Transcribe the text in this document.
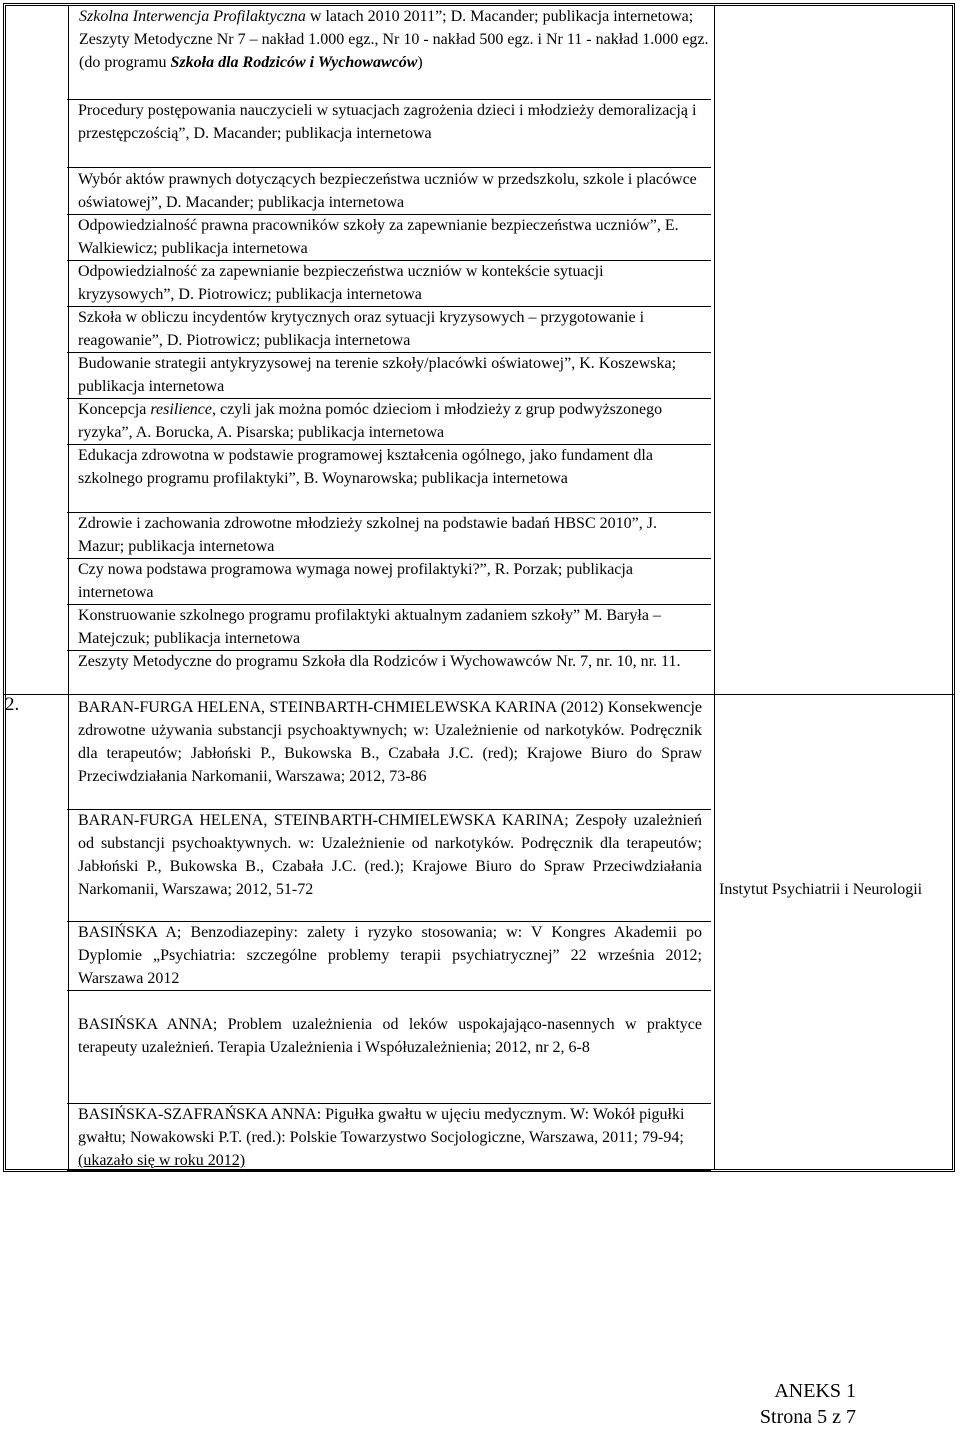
2.
Szkolna Interwencja Profilaktyczna w latach 2010 2011”; D. Macander; publikacja internetowa; Zeszyty Metodyczne Nr 7 – nakład 1.000 egz., Nr 10 - nakład 500 egz. i Nr 11 - nakład 1.000 egz. (do programu Szkoła dla Rodziców i Wychowawców)
Procedury postępowania nauczycieli w sytuacjach zagrożenia dzieci i młodzieży demoralizacją i przestępczością”, D. Macander; publikacja internetowa
Wybór aktów prawnych dotyczących bezpieczeństwa uczniów w przedszkolu, szkole i placówce oświatowej”, D. Macander; publikacja internetowa
Odpowiedzialność prawna pracowników szkoły za zapewnianie bezpieczeństwa uczniów”, E. Walkiewicz; publikacja internetowa
Odpowiedzialność za zapewnianie bezpieczeństwa uczniów w kontekście sytuacji kryzysowych”, D. Piotrowicz; publikacja internetowa
Szkoła w obliczu incydentów krytycznych oraz sytuacji kryzysowych – przygotowanie i reagowanie”, D. Piotrowicz; publikacja internetowa
Budowanie strategii antykryzysowej na terenie szkoły/placówki oświatowej”, K. Koszewska; publikacja internetowa
Koncepcja resilience, czyli jak można pomóc dzieciom i młodzieży z grup podwyższonego ryzyka”, A. Borucka, A. Pisarska; publikacja internetowa
Edukacja zdrowotna w podstawie programowej kształcenia ogólnego, jako fundament dla szkolnego programu profilaktyki”, B. Woynarowska; publikacja internetowa
Zdrowie i zachowania zdrowotne młodzieży szkolnej na podstawie badań HBSC 2010”, J. Mazur; publikacja internetowa
Czy nowa podstawa programowa wymaga nowej profilaktyki?”, R. Porzak; publikacja internetowa
Konstruowanie szkolnego programu profilaktyki aktualnym zadaniem szkoły” M. Baryła – Matejczuk; publikacja internetowa
Zeszyty Metodyczne do programu Szkoła dla Rodziców i Wychowawców Nr. 7, nr. 10, nr. 11.
BARAN-FURGA HELENA, STEINBARTH-CHMIELEWSKA KARINA (2012) Konsekwencje zdrowotne używania substancji psychoaktywnych; w: Uzależnienie od narkotyków. Podręcznik dla terapeutów; Jabłoński P., Bukowska B., Czabała J.C. (red); Krajowe Biuro do Spraw Przeciwdziałania Narkomanii, Warszawa; 2012, 73-86
BARAN-FURGA HELENA, STEINBARTH-CHMIELEWSKA KARINA; Zespoły uzależnień od substancji psychoaktywnych. w: Uzależnienie od narkotyków. Podręcznik dla terapeutów; Jabłoński P., Bukowska B., Czabała J.C. (red.); Krajowe Biuro do Spraw Przeciwdziałania Narkomanii, Warszawa; 2012, 51-72
BASIŃSKA A; Benzodiazepiny: zalety i ryzyko stosowania; w: V Kongres Akademii po Dyplomie „Psychiatria: szczególne problemy terapii psychiatrycznej” 22 września 2012; Warszawa 2012
BASIŃSKA ANNA; Problem uzależnienia od leków uspokajająco-nasennych w praktyce terapeuty uzależnień. Terapia Uzależnienia i Współuzależnienia; 2012, nr 2, 6-8
BASIŃSKA-SZAFRAŃSKA ANNA: Pigułka gwałtu w ujęciu medycznym. W: Wokół pigułki gwałtu; Nowakowski P.T. (red.): Polskie Towarzystwo Socjologiczne, Warszawa, 2011; 79-94; (ukazało się w roku 2012)
Instytut Psychiatrii i Neurologii
ANEKS 1
Strona 5 z 7
